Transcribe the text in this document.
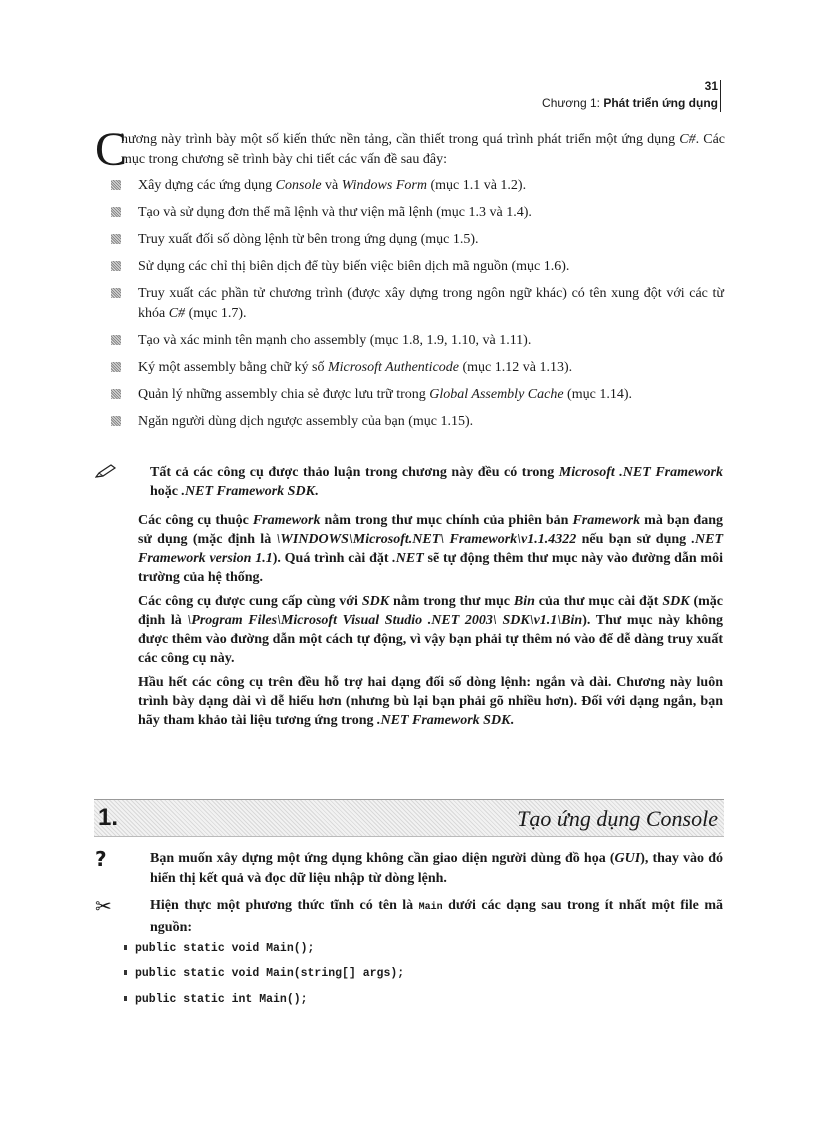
31
Chương 1: Phát triển ứng dụng
C
hương này trình bày một số kiến thức nền tảng, cần thiết trong quá trình phát triển một ứng dụng C#. Các mục trong chương sẽ trình bày chi tiết các vấn đề sau đây:
Xây dựng các ứng dụng Console và Windows Form (mục 1.1 và 1.2).
Tạo và sử dụng đơn thể mã lệnh và thư viện mã lệnh (mục 1.3 và 1.4).
Truy xuất đối số dòng lệnh từ bên trong ứng dụng (mục 1.5).
Sử dụng các chỉ thị biên dịch để tùy biến việc biên dịch mã nguồn (mục 1.6).
Truy xuất các phần tử chương trình (được xây dựng trong ngôn ngữ khác) có tên xung đột với các từ khóa C# (mục 1.7).
Tạo và xác minh tên mạnh cho assembly (mục 1.8, 1.9, 1.10, và 1.11).
Ký một assembly bằng chữ ký số Microsoft Authenticode (mục 1.12 và 1.13).
Quản lý những assembly chia sẻ được lưu trữ trong Global Assembly Cache (mục 1.14).
Ngăn người dùng dịch ngược assembly của bạn (mục 1.15).

Tất cả các công cụ được thảo luận trong chương này đều có trong Microsoft .NET Framework hoặc .NET Framework SDK.

Các công cụ thuộc Framework nằm trong thư mục chính của phiên bản Framework mà bạn đang sử dụng (mặc định là \WINDOWS\Microsoft.NET\ Framework\v1.1.4322 nếu bạn sử dụng .NET Framework version 1.1). Quá trình cài đặt .NET sẽ tự động thêm thư mục này vào đường dẫn môi trường của hệ thống.

Các công cụ được cung cấp cùng với SDK nằm trong thư mục Bin của thư mục cài đặt SDK (mặc định là \Program Files\Microsoft Visual Studio .NET 2003\ SDK\v1.1\Bin). Thư mục này không được thêm vào đường dẫn một cách tự động, vì vậy bạn phải tự thêm nó vào để dễ dàng truy xuất các công cụ này.

Hầu hết các công cụ trên đều hỗ trợ hai dạng đối số dòng lệnh: ngắn và dài. Chương này luôn trình bày dạng dài vì dễ hiểu hơn (nhưng bù lại bạn phải gõ nhiều hơn). Đối với dạng ngắn, bạn hãy tham khảo tài liệu tương ứng trong .NET Framework SDK.

1.	Tạo ứng dụng Console
?	Bạn muốn xây dựng một ứng dụng không cần giao diện người dùng đồ họa (GUI), thay vào đó hiển thị kết quả và đọc dữ liệu nhập từ dòng lệnh.

✂	Hiện thực một phương thức tĩnh có tên là Main dưới các dạng sau trong ít nhất một file mã nguồn:

public static void Main();
public static void Main(string[] args);
public static int Main();
